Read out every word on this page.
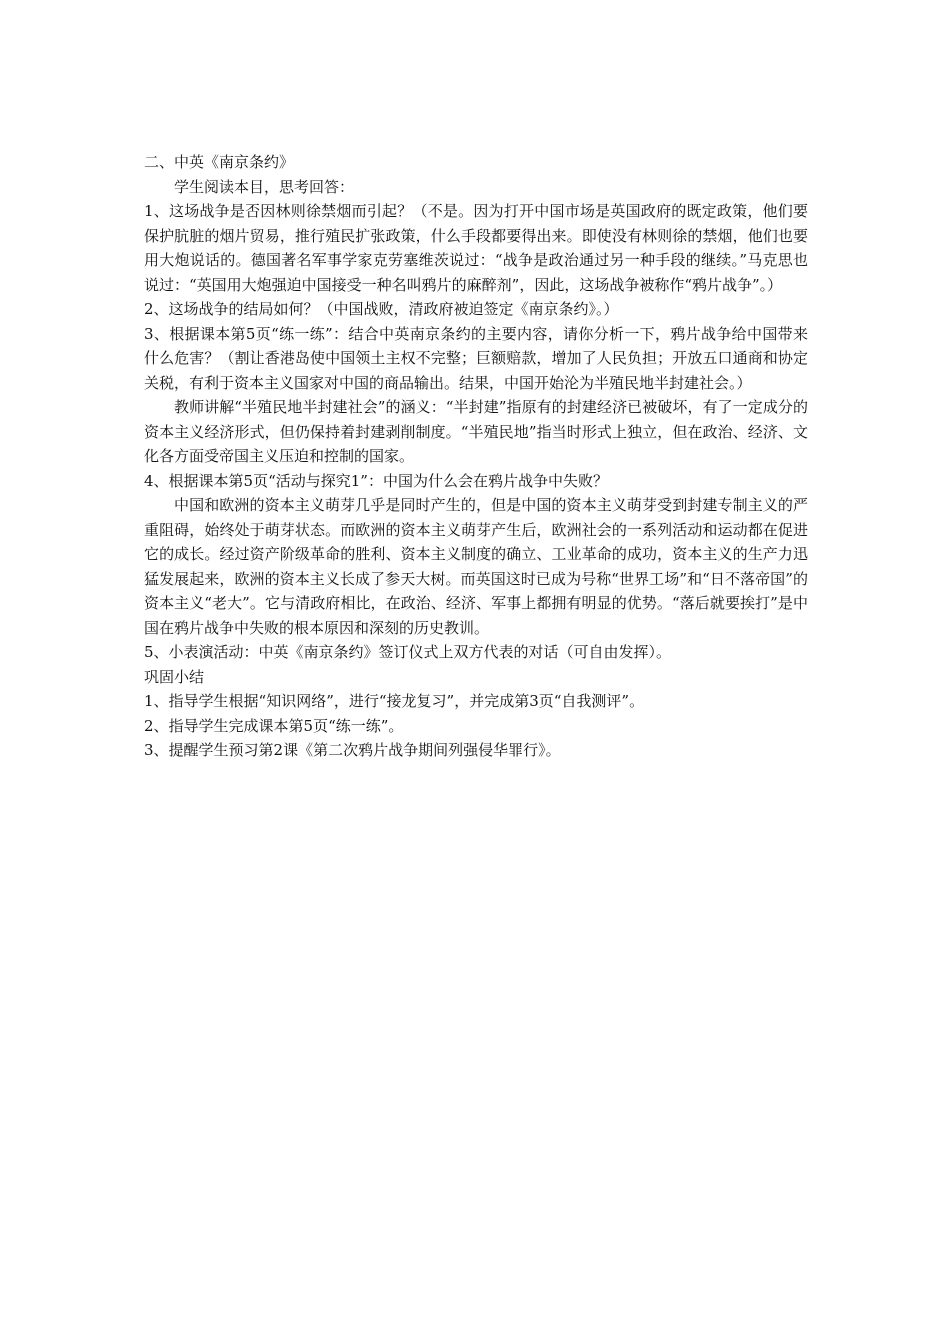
二、中英《南京条约》

学生阅读本目，思考回答：

1、这场战争是否因林则徐禁烟而引起？（不是。因为打开中国市场是英国政府的既定政策，他们要保护肮脏的烟片贸易，推行殖民扩张政策，什么手段都要得出来。即使没有林则徐的禁烟，他们也要用大炮说话的。德国著名军事学家克劳塞维茨说过：“战争是政治通过另一种手段的继续。”马克思也说过：“英国用大炮强迫中国接受一种名叫鸦片的麻醉剂”，因此，这场战争被称作“鸦片战争”。）

2、这场战争的结局如何？（中国战败，清政府被迫签定《南京条约》。）

3、根据课本第5页“练一练”：结合中英南京条约的主要内容，请你分析一下，鸦片战争给中国带来什么危害？（割让香港岛使中国领土主权不完整；巨额赔款，增加了人民负担；开放五口通商和协定关税，有利于资本主义国家对中国的商品输出。结果，中国开始沦为半殖民地半封建社会。）

教师讲解“半殖民地半封建社会”的涵义：“半封建”指原有的封建经济已被破坏，有了一定成分的资本主义经济形式，但仍保持着封建剥削制度。“半殖民地”指当时形式上独立，但在政治、经济、文化各方面受帝国主义压迫和控制的国家。

4、根据课本第5页“活动与探究1”：中国为什么会在鸦片战争中失败？

中国和欧洲的资本主义萌芽几乎是同时产生的，但是中国的资本主义萌芽受到封建专制主义的严重阻碍，始终处于萌芽状态。而欧洲的资本主义萌芽产生后，欧洲社会的一系列活动和运动都在促进它的成长。经过资产阶级革命的胜利、资本主义制度的确立、工业革命的成功，资本主义的生产力迅猛发展起来，欧洲的资本主义长成了参天大树。而英国这时已成为号称“世界工场”和“日不落帝国”的资本主义“老大”。它与清政府相比，在政治、经济、军事上都拥有明显的优势。“落后就要挨打”是中国在鸦片战争中失败的根本原因和深刻的历史教训。

5、小表演活动：中英《南京条约》签订仪式上双方代表的对话（可自由发挥）。

巩固小结

1、指导学生根据“知识网络”，进行“接龙复习”，并完成第3页“自我测评”。

2、指导学生完成课本第5页“练一练”。

3、提醒学生预习第2课《第二次鸦片战争期间列强侵华罪行》。
